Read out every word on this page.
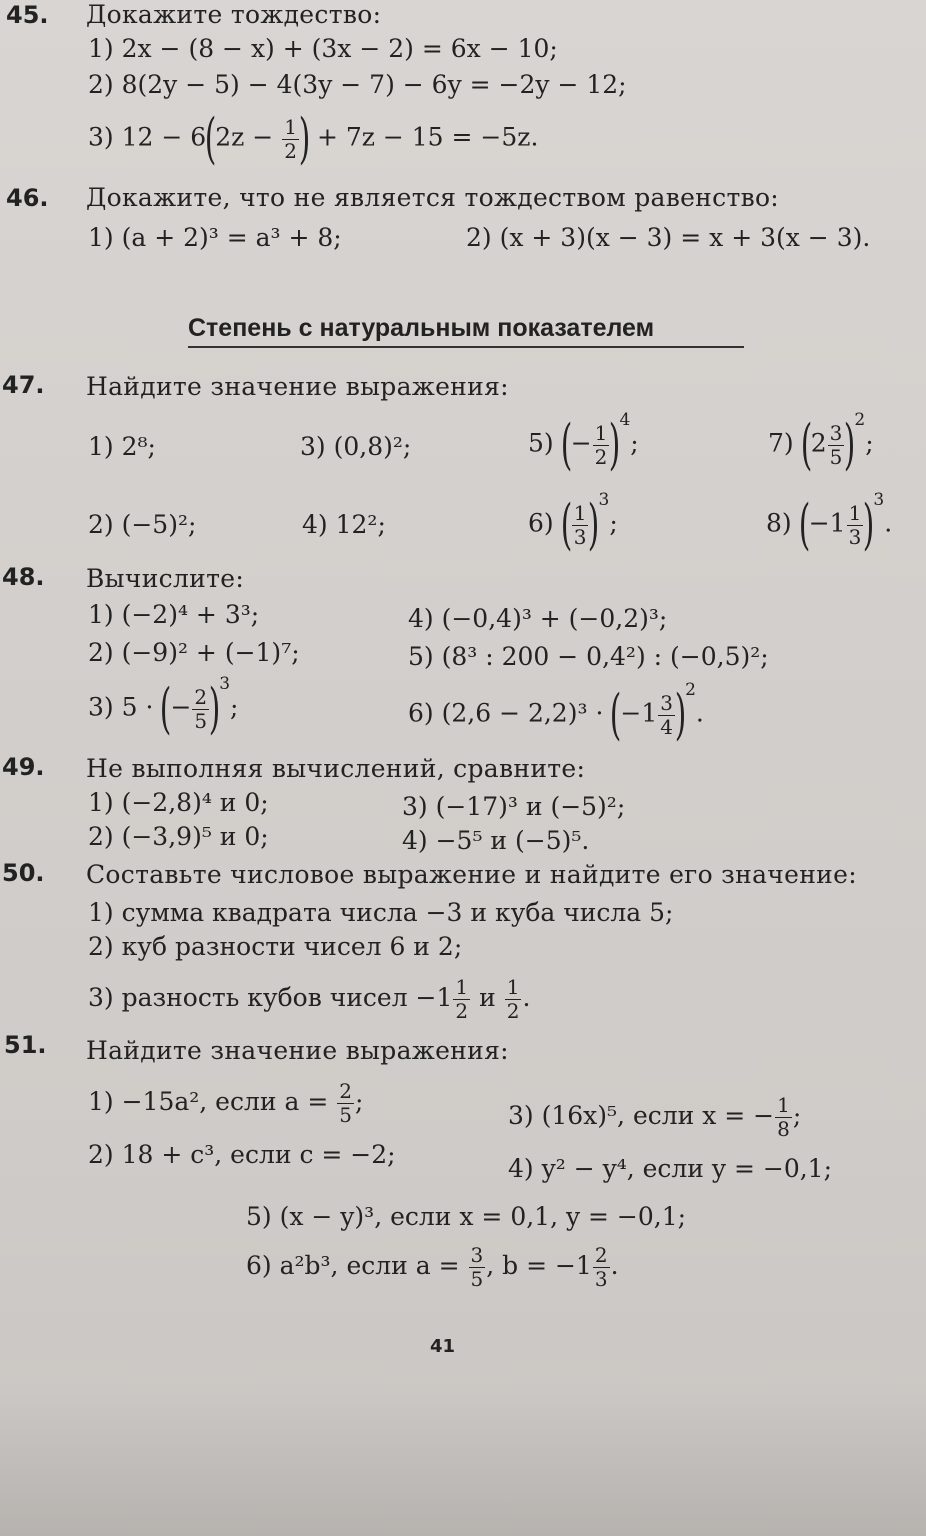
45. Докажите тождество:
1) 2x − (8 − x) + (3x − 2) = 6x − 10;
2) 8(2y − 5) − 4(3y − 7) − 6y = −2y − 12;
3) $12 - 6(2z - \frac{1}{2}$ ) + 7z − 15 = −5z.
46. Докажите, что не является тождеством равенство:
1) (a + 2)³ = a³ + 8;	2) (x + 3)(x − 3) = x + 3(x − 3).
Степень с натуральным показателем
47. Найдите значение выражения:
1) 2⁸;	3) (0,8)²;	5) (− $\frac{1}{2} )4$;	7) $(2 \frac{3}{5} )2$;
2) (−5)²;	4) 12²;	6) ( $\frac{1}{3} )3$;	8) $(-1 \frac{1}{3} )3$.
48. Вычислите:
1) (−2)⁴ + 3³;	4) (−0,4)³ + (−0,2)³;
2) (−9)² + (−1)⁷;	5) (8³ : 200 − 0,4²) : (−0,5)²;
3) 5 · (− $\frac{2}{5} )3$;	6) $(2,6 - 2,2)^3 \cdot (-1 \frac{3}{4} )2$.
49. Не выполняя вычислений, сравните:
1) (−2,8)⁴ и 0;	3) (−17)³ и (−5)²;
2) (−3,9)⁵ и 0;	4) −5⁵ и (−5)⁵.
50. Составьте числовое выражение и найдите его значение:
1) сумма квадрата числа −3 и куба числа 5;
2) куб разности чисел 6 и 2;
3) разность кубов чисел $-1 \frac{1}{2}$ и $\frac{1}{2}$ .
51. Найдите значение выражения:
1) −15a², если $a = \frac{2}{5}$ ;	3) (16x)⁵, если x = − $\frac{1}{8}$ ;
2) 18 + c³, если c = −2;	4) y² − y⁴, если y = −0,1;
5) (x − y)³, если x = 0,1, y = −0,1;
6) a²b³, если $a = \frac{3}{5}$ , $b = -1 \frac{2}{3}$ .
41
